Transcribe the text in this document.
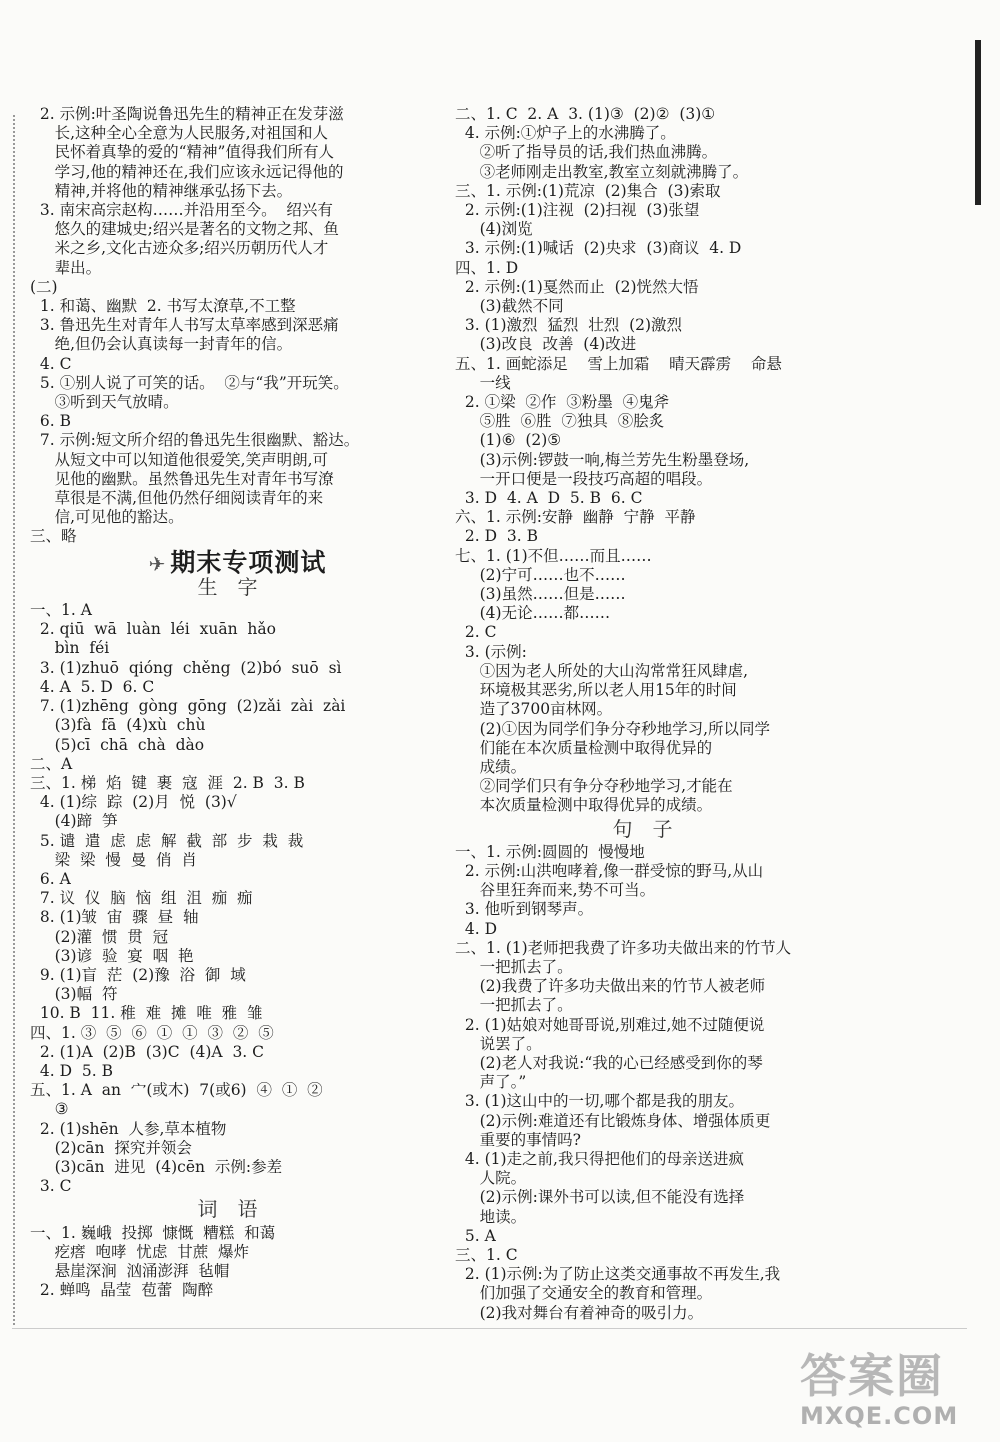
2. 示例:叶圣陶说鲁迅先生的精神正在发芽滋
长,这种全心全意为人民服务,对祖国和人
民怀着真挚的爱的“精神”值得我们所有人
学习,他的精神还在,我们应该永远记得他的
精神,并将他的精神继承弘扬下去。
3. 南宋高宗赵构……并沿用至今。  绍兴有
悠久的建城史;绍兴是著名的文物之邦、鱼
米之乡,文化古迹众多;绍兴历朝历代人才
辈出。
(二)
1. 和蔼、幽默  2. 书写太潦草,不工整
3. 鲁迅先生对青年人书写太草率感到深恶痛
绝,但仍会认真读每一封青年的信。
4. C
5. ①别人说了可笑的话。  ②与“我”开玩笑。
③听到天气放晴。
6. B
7. 示例:短文所介绍的鲁迅先生很幽默、豁达。
从短文中可以知道他很爱笑,笑声明朗,可
见他的幽默。虽然鲁迅先生对青年书写潦
草很是不满,但他仍然仔细阅读青年的来
信,可见他的豁达。
三、略
✈ 期末专项测试
生字
一、1. A
2. qiū  wā  luàn  léi  xuān  hǎo
bìn  féi
3. (1)zhuō  qióng  chěng  (2)bó  suō  sì
4. A  5. D  6. C
7. (1)zhēng  gòng  gōng  (2)zǎi  zài  zài
(3)fà  fā  (4)xù  chù
(5)cī  chā  chà  dào
二、A
三、1. 梯  焰  键  裹  寇  涯  2. B  3. B
4. (1)综  踪  (2)月  悦  (3)√
(4)蹄  笋
5. 谴  遣  虑  虑  解  截  部  步  栽  裁
梁  梁  慢  曼  俏  肖
6. A
7. 议  仪  脑  恼  组  沮  痂  痂
8. (1)皱  宙  骤  昼  轴
(2)灌  惯  贯  冠
(3)谚  验  宴  咽  艳
9. (1)盲  茫  (2)豫  浴  御  域
(3)幅  符
10. B  11. 稚  难  摊  唯  雅  雏
四、1. ③  ⑤  ⑥  ①  ①  ③  ②  ⑤
2. (1)A  (2)B  (3)C  (4)A  3. C
4. D  5. B
五、1. A  an  宀(或木)  7(或6)  ④  ①  ②
③
2. (1)shēn  人参,草本植物
(2)cān  探究并领会
(3)cān  进见  (4)cēn  示例:参差
3. C
词语
一、1. 巍峨  投掷  慷慨  糟糕  和蔼
疙瘩  咆哮  忧虑  甘蔗  爆炸
悬崖深涧  汹涌澎湃  毡帽
2. 蝉鸣  晶莹  苞蕾  陶醉
二、1. C  2. A  3. (1)③  (2)②  (3)①
4. 示例:①炉子上的水沸腾了。
②听了指导员的话,我们热血沸腾。
③老师刚走出教室,教室立刻就沸腾了。
三、1. 示例:(1)荒凉  (2)集合  (3)索取
2. 示例:(1)注视  (2)扫视  (3)张望
(4)浏览
3. 示例:(1)喊话  (2)央求  (3)商议  4. D
四、1. D
2. 示例:(1)戛然而止  (2)恍然大悟
(3)截然不同
3. (1)激烈  猛烈  壮烈  (2)激烈
(3)改良  改善  (4)改进
五、1. 画蛇添足    雪上加霜    晴天霹雳    命悬
一线
2. ①梁  ②作  ③粉墨  ④鬼斧
⑤胜  ⑥胜  ⑦独具  ⑧脍炙
(1)⑥  (2)⑤
(3)示例:锣鼓一响,梅兰芳先生粉墨登场,
一开口便是一段技巧高超的唱段。
3. D  4. A  D  5. B  6. C
六、1. 示例:安静  幽静  宁静  平静
2. D  3. B
七、1. (1)不但……而且……
(2)宁可……也不……
(3)虽然……但是……
(4)无论……都……
2. C
3. (示例:
①因为老人所处的大山沟常常狂风肆虐,
环境极其恶劣,所以老人用15年的时间
造了3700亩林网。
(2)①因为同学们争分夺秒地学习,所以同学
们能在本次质量检测中取得优异的
成绩。
②同学们只有争分夺秒地学习,才能在
本次质量检测中取得优异的成绩。
句子
一、1. 示例:圆圆的  慢慢地
2. 示例:山洪咆哮着,像一群受惊的野马,从山
谷里狂奔而来,势不可当。
3. 他听到钢琴声。
4. D
二、1. (1)老师把我费了许多功夫做出来的竹节人
一把抓去了。
(2)我费了许多功夫做出来的竹节人被老师
一把抓去了。
2. (1)姑娘对她哥哥说,别难过,她不过随便说
说罢了。
(2)老人对我说:“我的心已经感受到你的琴
声了。”
3. (1)这山中的一切,哪个都是我的朋友。
(2)示例:难道还有比锻炼身体、增强体质更
重要的事情吗?
4. (1)走之前,我只得把他们的母亲送进疯
人院。
(2)示例:课外书可以读,但不能没有选择
地读。
5. A
三、1. C
2. (1)示例:为了防止这类交通事故不再发生,我
们加强了交通安全的教育和管理。
(2)我对舞台有着神奇的吸引力。
答案圈
MXQE.COM
